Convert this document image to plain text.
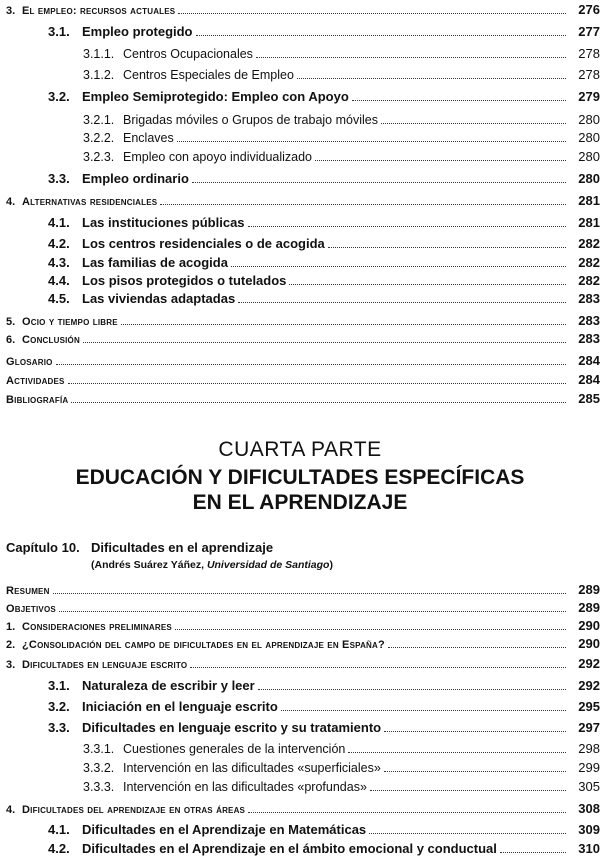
3. El empleo: recursos actuales	276
3.1. Empleo protegido	277
3.1.1. Centros Ocupacionales	278
3.1.2. Centros Especiales de Empleo	278
3.2. Empleo Semiprotegido: Empleo con Apoyo	279
3.2.1. Brigadas móviles o Grupos de trabajo móviles	280
3.2.2. Enclaves	280
3.2.3. Empleo con apoyo individualizado	280
3.3. Empleo ordinario	280
4. Alternativas residenciales	281
4.1. Las instituciones públicas	281
4.2. Los centros residenciales o de acogida	282
4.3. Las familias de acogida	282
4.4. Los pisos protegidos o tutelados	282
4.5. Las viviendas adaptadas	283
5. Ocio y tiempo libre	283
6. Conclusión	283
Glosario	284
Actividades	284
Bibliografía	285
CUARTA PARTE
EDUCACIÓN Y DIFICULTADES ESPECÍFICAS
EN EL APRENDIZAJE
Capítulo 10. Dificultades en el aprendizaje
(Andrés Suárez Yáñez, Universidad de Santiago)
Resumen	289
Objetivos	289
1. Consideraciones preliminares	290
2. ¿Consolidación del campo de dificultades en el aprendizaje en España?	290
3. Dificultades en lenguaje escrito	292
3.1. Naturaleza de escribir y leer	292
3.2. Iniciación en el lenguaje escrito	295
3.3. Dificultades en lenguaje escrito y su tratamiento	297
3.3.1. Cuestiones generales de la intervención	298
3.3.2. Intervención en las dificultades «superficiales»	299
3.3.3. Intervención en las dificultades «profundas»	305
4. Dificultades del aprendizaje en otras áreas	308
4.1. Dificultades en el Aprendizaje en Matemáticas	309
4.2. Dificultades en el Aprendizaje en el ámbito emocional y conductual	310
